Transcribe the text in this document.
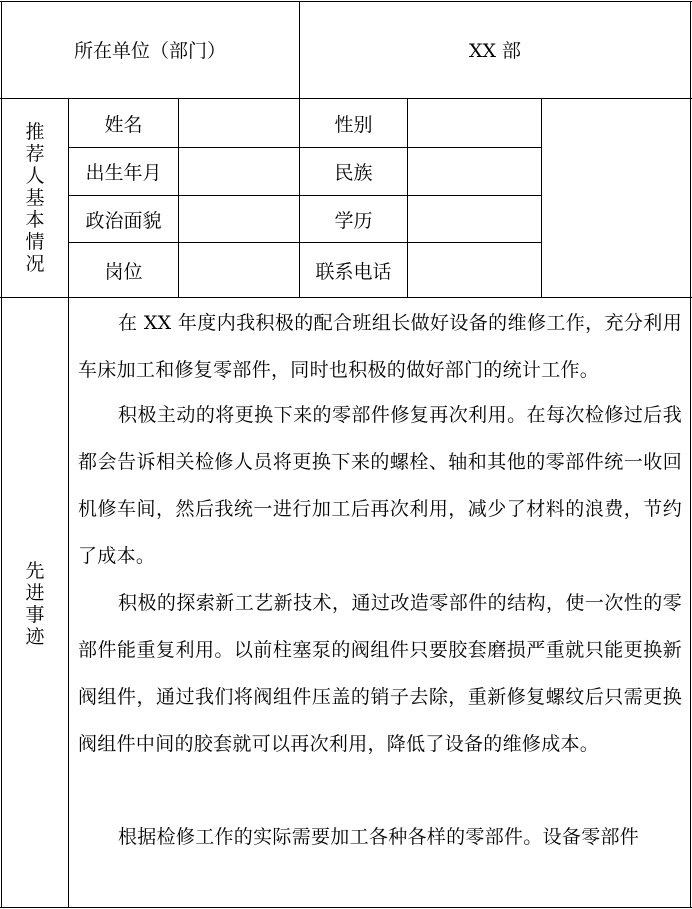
所在单位（部门）	XX 部
推
荐
人
基
本
情
况
姓名	性别
出生年月	民族
政治面貌	学历
岗位	联系电话
先
进
事
迹

在 XX 年度内我积极的配合班组长做好设备的维修工作，充分利用车床加工和修复零部件，同时也积极的做好部门的统计工作。

积极主动的将更换下来的零部件修复再次利用。在每次检修过后我都会告诉相关检修人员将更换下来的螺栓、轴和其他的零部件统一收回机修车间，然后我统一进行加工后再次利用，减少了材料的浪费，节约了成本。

积极的探索新工艺新技术，通过改造零部件的结构，使一次性的零部件能重复利用。以前柱塞泵的阀组件只要胶套磨损严重就只能更换新阀组件，通过我们将阀组件压盖的销子去除，重新修复螺纹后只需更换阀组件中间的胶套就可以再次利用，降低了设备的维修成本。

根据检修工作的实际需要加工各种各样的零部件。设备零部件
